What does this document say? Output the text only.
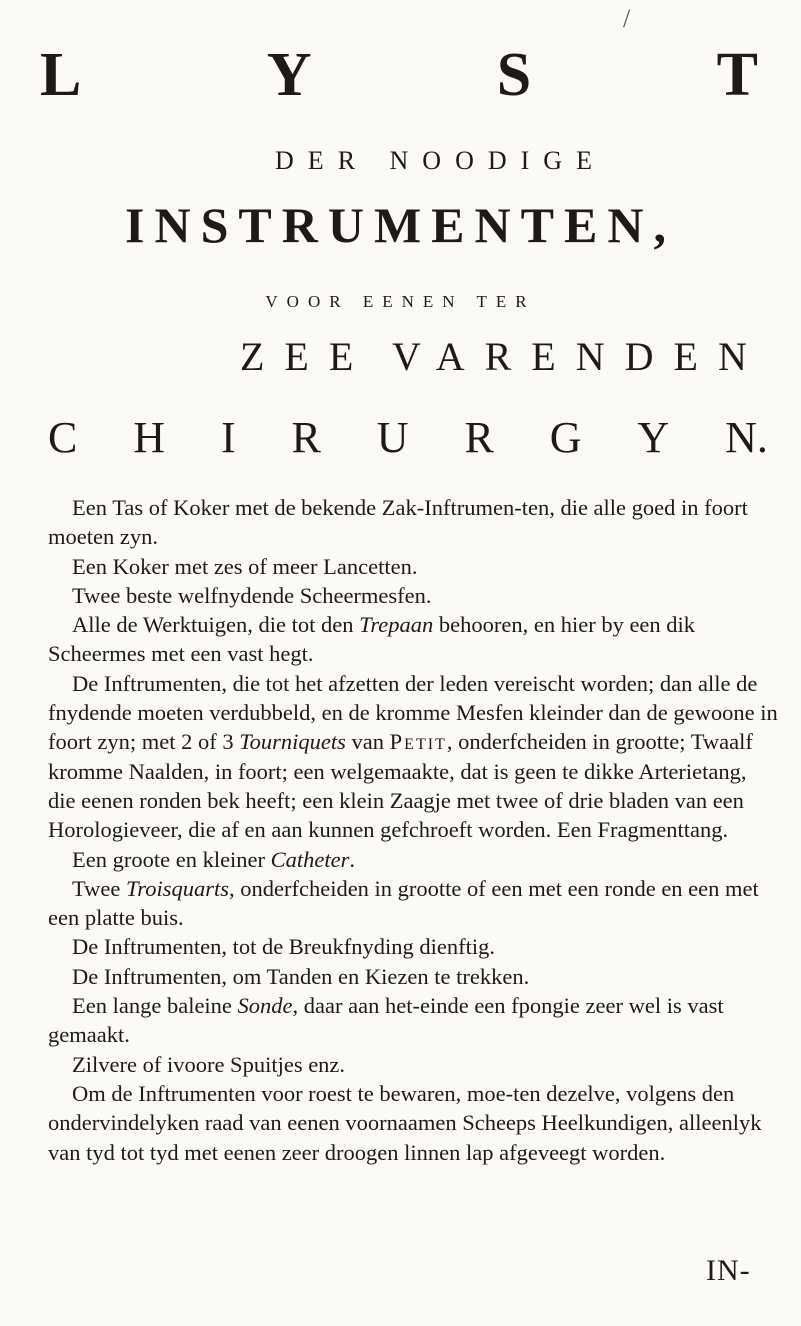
/
L	Y	S	T
DER NOODIGE
INSTRUMENTEN,
VOOR EENEN TER
ZEE VARENDEN
C H I R U R G Y N.

Een Tas of Koker met de bekende Zak-Inftrumen-ten, die alle goed in foort moeten zyn.

Een Koker met zes of meer Lancetten.

Twee beste welfnydende Scheermesfen.

Alle de Werktuigen, die tot den Trepaan behooren, en hier by een dik Scheermes met een vast hegt.

De Inftrumenten, die tot het afzetten der leden vereischt worden; dan alle de fnydende moeten verdubbeld, en de kromme Mesfen kleinder dan de gewoone in foort zyn; met 2 of 3 Tourniquets van Petit, onderfcheiden in grootte; Twaalf kromme Naalden, in foort; een welgemaakte, dat is geen te dikke Arterietang, die eenen ronden bek heeft; een klein Zaagje met twee of drie bladen van een Horologieveer, die af en aan kunnen gefchroeft worden. Een Fragmenttang.

Een groote en kleiner Catheter.

Twee Troisquarts, onderfcheiden in grootte of een met een ronde en een met een platte buis.

De Inftrumenten, tot de Breukfnyding dienftig.

De Inftrumenten, om Tanden en Kiezen te trekken.

Een lange baleine Sonde, daar aan het-einde een fpongie zeer wel is vast gemaakt.

Zilvere of ivoore Spuitjes enz.

Om de Inftrumenten voor roest te bewaren, moe-ten dezelve, volgens den ondervindelyken raad van eenen voornaamen Scheeps Heelkundigen, alleenlyk van tyd tot tyd met eenen zeer droogen linnen lap afgeveegt worden.

IN-
